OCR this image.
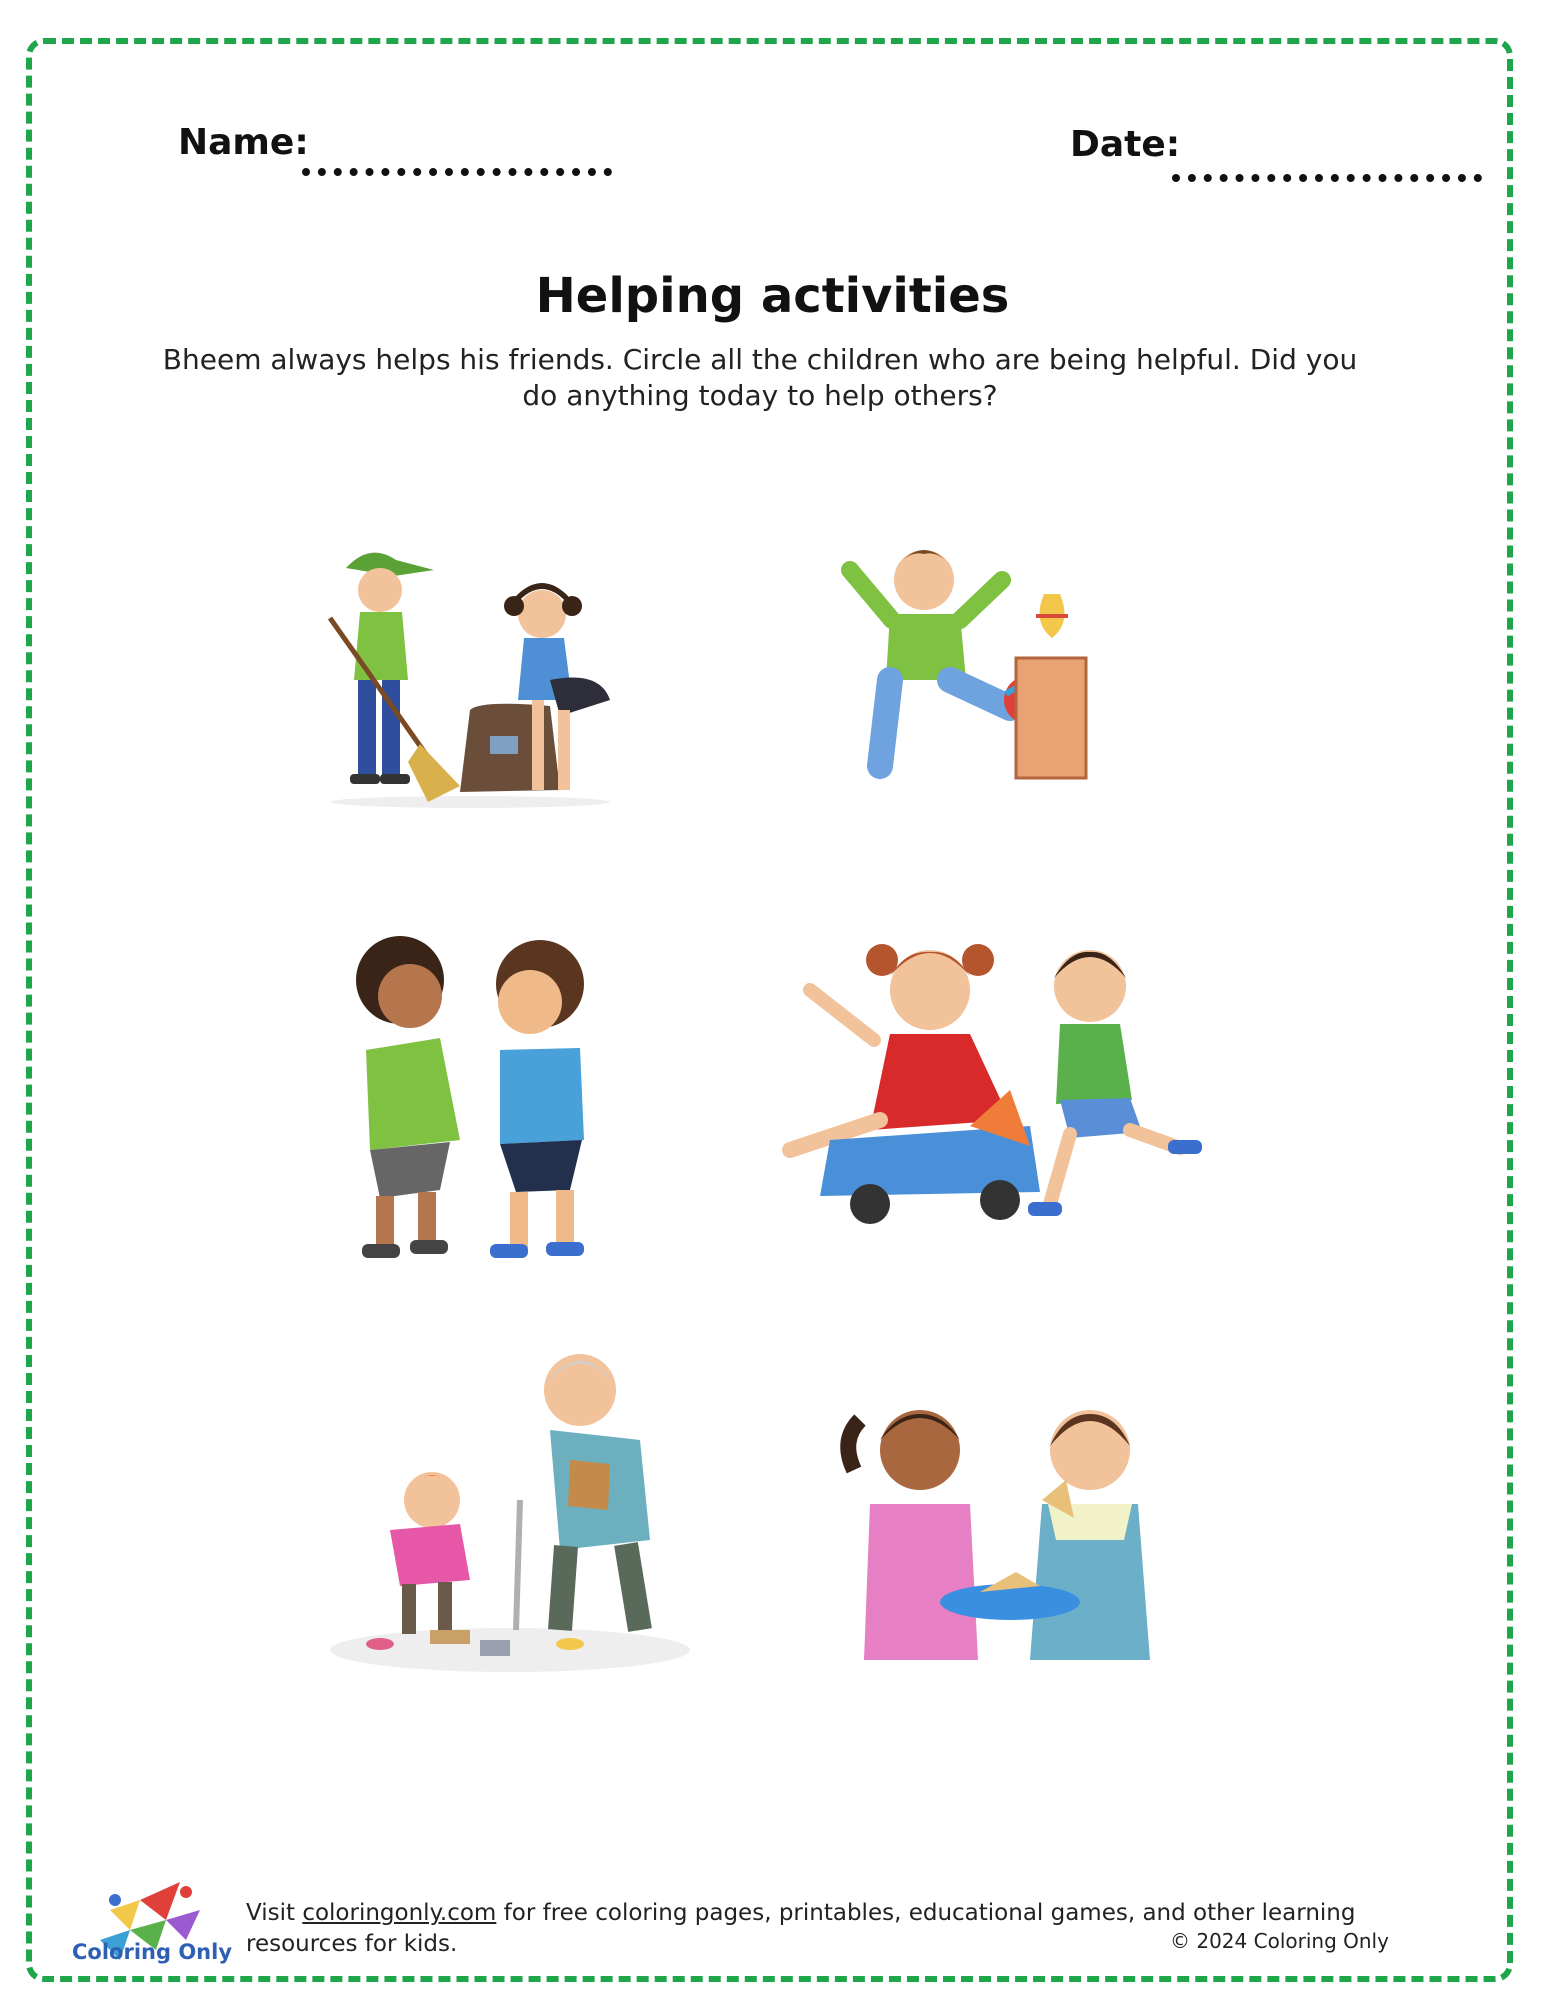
Name:	Date:
Helping activities
Bheem always helps his friends. Circle all the children who are being helpful. Did you do anything today to help others?
Coloring Only
Visit coloringonly.com for free coloring pages, printables, educational games, and other learning resources for kids.	© 2024 Coloring Only
